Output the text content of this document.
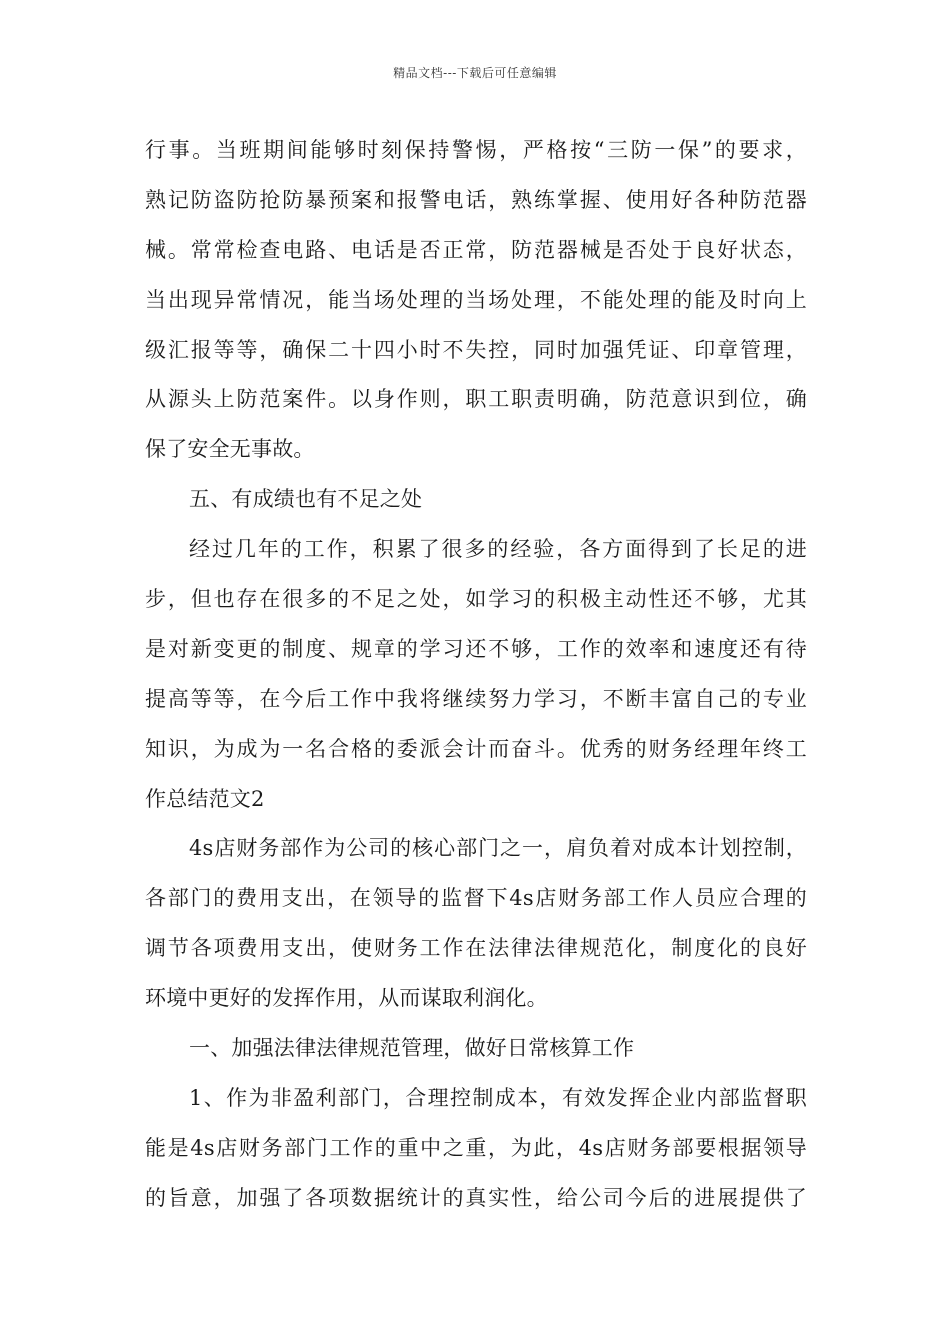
精品文档---下载后可任意编辑
行事。当班期间能够时刻保持警惕，严格按“三防一保”的要求，
熟记防盗防抢防暴预案和报警电话，熟练掌握、使用好各种防范器
械。常常检查电路、电话是否正常，防范器械是否处于良好状态，
当出现异常情况，能当场处理的当场处理，不能处理的能及时向上
级汇报等等，确保二十四小时不失控，同时加强凭证、印章管理，
从源头上防范案件。以身作则，职工职责明确，防范意识到位，确
保了安全无事故。
五、有成绩也有不足之处
经过几年的工作，积累了很多的经验，各方面得到了长足的进
步，但也存在很多的不足之处，如学习的积极主动性还不够，尤其
是对新变更的制度、规章的学习还不够，工作的效率和速度还有待
提高等等，在今后工作中我将继续努力学习，不断丰富自己的专业
知识，为成为一名合格的委派会计而奋斗。优秀的财务经理年终工
作总结范文2
4s店财务部作为公司的核心部门之一，肩负着对成本计划控制，
各部门的费用支出，在领导的监督下4s店财务部工作人员应合理的
调节各项费用支出，使财务工作在法律法律规范化，制度化的良好
环境中更好的发挥作用，从而谋取利润化。
一、加强法律法律规范管理，做好日常核算工作
1、作为非盈利部门，合理控制成本，有效发挥企业内部监督职
能是4s店财务部门工作的重中之重，为此，4s店财务部要根据领导
的旨意，加强了各项数据统计的真实性，给公司今后的进展提供了
